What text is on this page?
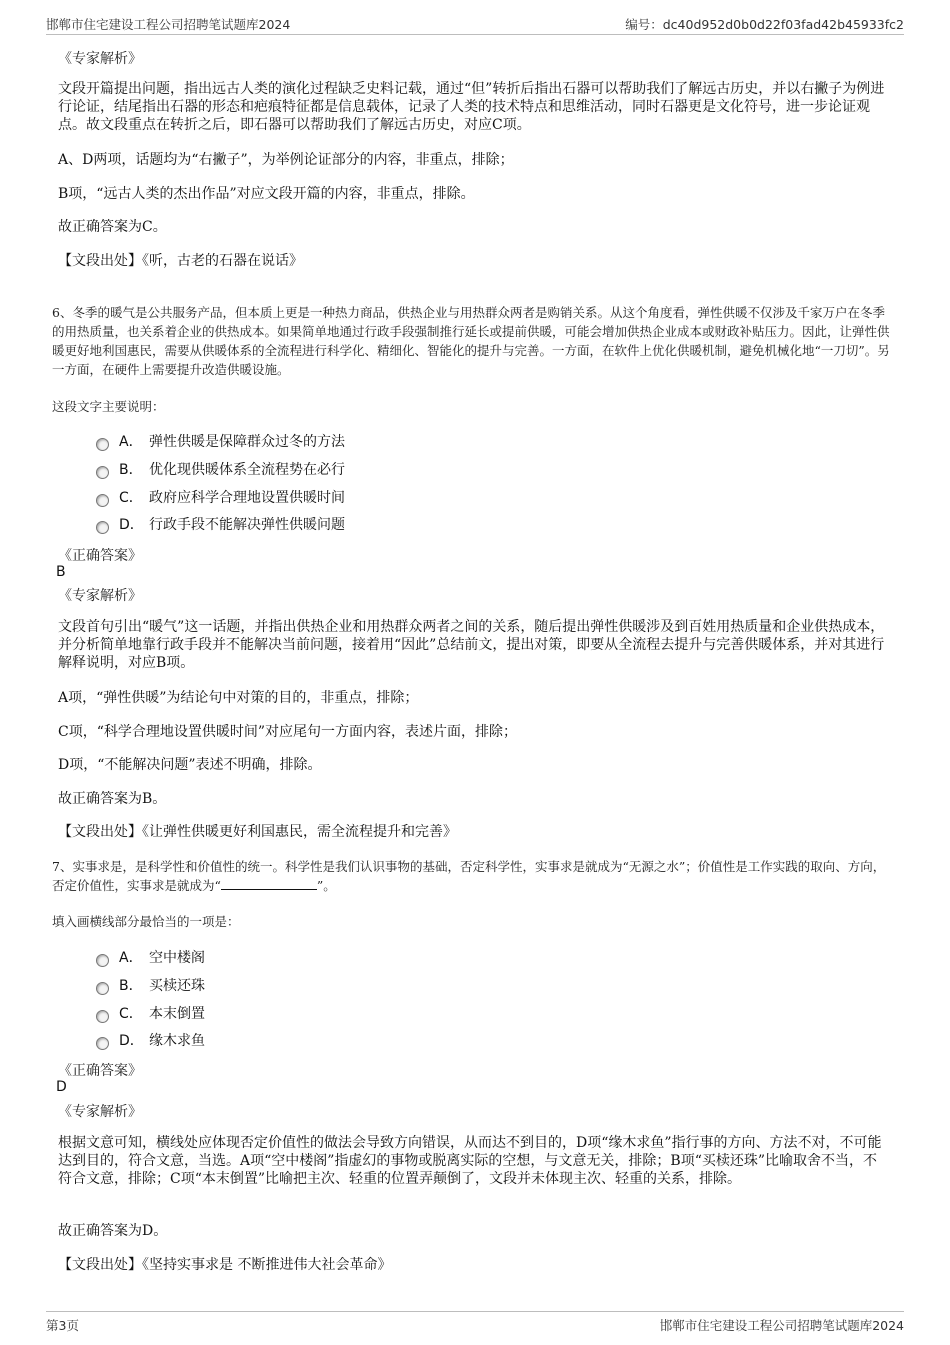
邯郸市住宅建设工程公司招聘笔试题库2024	编号：dc40d952d0b0d22f03fad42b45933fc2
《专家解析》
文段开篇提出问题，指出远古人类的演化过程缺乏史料记载，通过“但”转折后指出石器可以帮助我们了解远古历史，并以右撇子为例进行论证，结尾指出石器的形态和疤痕特征都是信息载体，记录了人类的技术特点和思维活动，同时石器更是文化符号，进一步论证观点。故文段重点在转折之后，即石器可以帮助我们了解远古历史，对应C项。
A、D两项，话题均为“右撇子”，为举例论证部分的内容，非重点，排除；
B项，“远古人类的杰出作品”对应文段开篇的内容，非重点，排除。
故正确答案为C。
【文段出处】《听，古老的石器在说话》
6、冬季的暖气是公共服务产品，但本质上更是一种热力商品，供热企业与用热群众两者是购销关系。从这个角度看，弹性供暖不仅涉及千家万户在冬季的用热质量，也关系着企业的供热成本。如果简单地通过行政手段强制推行延长或提前供暖，可能会增加供热企业成本或财政补贴压力。因此，让弹性供暖更好地利国惠民，需要从供暖体系的全流程进行科学化、精细化、智能化的提升与完善。一方面，在软件上优化供暖机制，避免机械化地“一刀切”。另一方面，在硬件上需要提升改造供暖设施。
这段文字主要说明：
A． 弹性供暖是保障群众过冬的方法
B． 优化现供暖体系全流程势在必行
C． 政府应科学合理地设置供暖时间
D． 行政手段不能解决弹性供暖问题
《正确答案》
B
《专家解析》
文段首句引出“暖气”这一话题，并指出供热企业和用热群众两者之间的关系，随后提出弹性供暖涉及到百姓用热质量和企业供热成本，并分析简单地靠行政手段并不能解决当前问题，接着用“因此”总结前文，提出对策，即要从全流程去提升与完善供暖体系，并对其进行解释说明，对应B项。
A项，“弹性供暖”为结论句中对策的目的，非重点，排除；
C项，“科学合理地设置供暖时间”对应尾句一方面内容，表述片面，排除；
D项，“不能解决问题”表述不明确，排除。
故正确答案为B。
【文段出处】《让弹性供暖更好利国惠民，需全流程提升和完善》
7、实事求是，是科学性和价值性的统一。科学性是我们认识事物的基础，否定科学性，实事求是就成为“无源之水”；价值性是工作实践的取向、方向，否定价值性，实事求是就成为“	”。
填入画横线部分最恰当的一项是：
A． 空中楼阁
B． 买椟还珠
C． 本末倒置
D． 缘木求鱼
《正确答案》
D
《专家解析》
根据文意可知，横线处应体现否定价值性的做法会导致方向错误，从而达不到目的，D项“缘木求鱼”指行事的方向、方法不对，不可能达到目的，符合文意，当选。A项“空中楼阁”指虚幻的事物或脱离实际的空想，与文意无关，排除；B项“买椟还珠”比喻取舍不当，不符合文意，排除；C项“本末倒置”比喻把主次、轻重的位置弄颠倒了，文段并未体现主次、轻重的关系，排除。
故正确答案为D。
【文段出处】《坚持实事求是 不断推进伟大社会革命》
第3页	邯郸市住宅建设工程公司招聘笔试题库2024
